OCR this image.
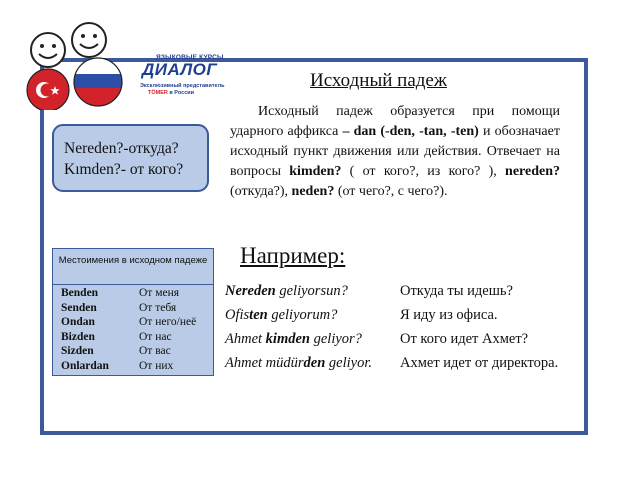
ЯЗЫКОВЫЕ КУРСЫ
ДИАЛОГ
Эксклюзивный представитель
TÖMER в России
Исходный падеж

Исходный падеж образуется при помощи ударного аффикса – dan (-den, -tan, -ten) и обозначает исходный пункт движения или действия. Отвечает на вопросы kimden? ( от кого?, из кого? ), nereden? (откуда?), neden? (от чего?, с чего?).

Nereden?-откуда?
Kımden?- от кого?
Например:
Местоимения в исходном падеже
Benden	От меня
Senden	От тебя
Ondan	От него/неё
Bizden	От нас
Sizden	От вас
Onlardan	От них
Nereden geliyorsun?	Откуда ты идешь?
Ofisten geliyorum?	Я иду из офиса.
Ahmet kimden geliyor?	От кого идет Ахмет?
Ahmet müdürden geliyor. Ахмет идет от директора.
